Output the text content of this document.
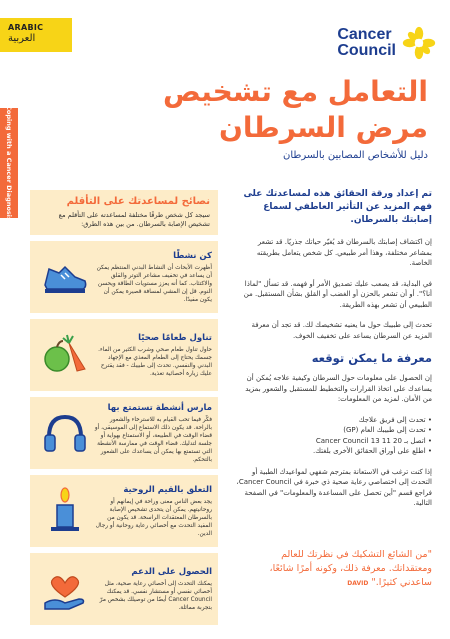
ARABIC
العربية	Cancer
Council
Coping with a Cancer Diagnosis
التعامل مع تشخيص
مرض السرطان
دليل للأشخاص المصابين بالسرطان

تم إعداد ورقة الحقائق هذه لمساعدتك على فهم المزيد عن التأثير العاطفي لسماع إصابتك بالسرطان.

إن اكتشاف إصابتك بالسرطان قد يُغيّر حياتك جذريًا. قد تشعر بمشاعر مختلفة، وهذا أمر طبيعي. كل شخص يتعامل بطريقته الخاصة.

في البداية، قد يصعب عليك تصديق الأمر أو فهمه. قد تسأل "لماذا أنا؟". أو أن تشعر بالحزن أو الغضب أو القلق بشأن المستقبل. من الطبيعي أن تشعر بهذه الطريقة.

تحدث إلى طبيبك حول ما يعنيه تشخيصك لك. قد تجد أن معرفة المزيد عن السرطان يساعد على تخفيف الخوف.

معرفة ما يمكن توقعه

إن الحصول على معلومات حول السرطان وكيفية علاجه يُمكن أن يساعدك على اتخاذ القرارات والتخطيط للمستقبل والشعور بمزيد من الأمان. لمزيد من المعلومات:

• تحدث إلى فريق علاجك
• تحدث إلى طبيبك العام (GP)
• اتصل بـ Cancer Council 13 11 20
• اطلع على أوراق الحقائق الأخرى بلغتك.

إذا كنت ترغب في الاستعانة بمترجم شفهي لمواعيدك الطبية أو التحدث إلى اختصاصي رعاية صحية ذي خبرة في Cancer Council، فراجع قسم "أين تحصل على المساعدة والمعلومات" في الصفحة التالية.

"من الشائع التشكيك في نظرتك للعالم ومعتقداتك. معرفة ذلك، وكونه أمرًا شائعًا، ساعدني كثيرًا." DAVID
نصائح لمساعدتك على التأقلم
سيجد كل شخص طرقًا مختلفة لمساعدته على التأقلم مع تشخيص الإصابة بالسرطان. من بين هذه الطرق:
كن نشطًا
أظهرت الأبحاث أن النشاط البدني المنتظم يمكن أن يساعد في تخفيف مشاعر التوتر والقلق والاكتئاب. كما أنه يعزز مستويات الطاقة ويحسن النوم. قل إن المشي لمسافة قصيرة يمكن أن يكون مفيدًا.
تناول طعامًا صحيًا
حاول تناول طعام صحي وشرب الكثير من الماء. جسمك يحتاج إلى الطعام المغذي مع الإجهاد البدني والنفسي. تحدث إلى طبيبك - فقد يقترح عليك زيارة أخصائية تغذية.
مارس أنشطة تستمتع بها
فكّر فيما تحب القيام به للاسترخاء والشعور بالراحة. قد يكون ذلك الاستماع إلى الموسيقى، أو قضاء الوقت في الطبيعة، أو الاستمتاع بهواية أو جلسة لتدليك. قضاء الوقت في ممارسة الأنشطة التي تستمتع بها يمكن أن يساعدك على الشعور بالتحكم.
التعلق بالقيم الروحية
يجد بعض الناس معنى وراحة في إيمانهم أو روحانيتهم. يمكن أن يتحدى تشخيص الإصابة بالسرطان المعتقدات الراسخة. قد يكون من المفيد التحدث مع أخصائي رعاية روحانية أو رجال الدين.
الحصول على الدعم
يمكنك التحدث إلى أخصائي رعاية صحية، مثل أخصائي نفسي أو مستشار نفسي. قد يمكنك Cancer Council أيضًا من توصيلك بشخص مرّ بتجربة مماثلة.
